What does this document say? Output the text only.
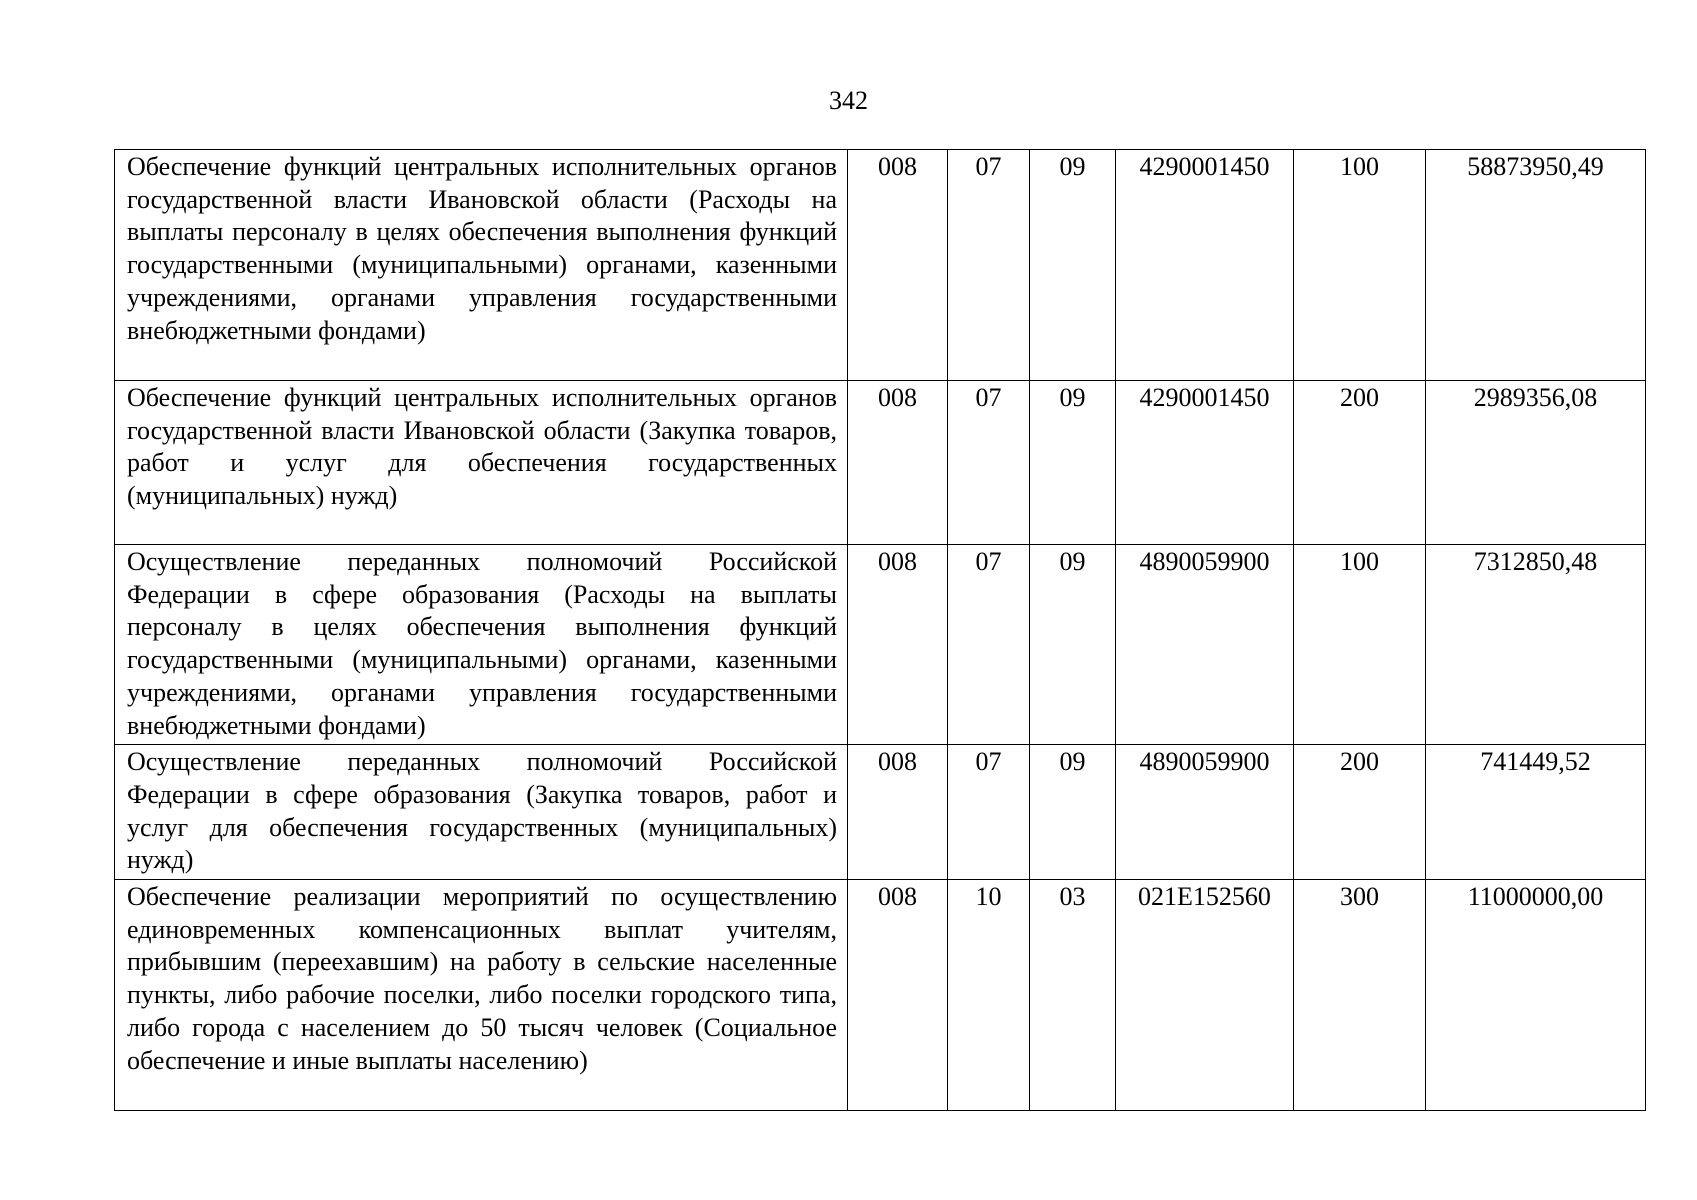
342
Обеспечение функций центральных исполнительных органов государственной власти Ивановской области (Расходы на выплаты персоналу в целях обеспечения выполнения функций государственными (муниципальными) органами, казенными учреждениями, органами управления государственными внебюджетными фондами)	008	07	09	4290001450	100	58873950,49
Обеспечение функций центральных исполнительных органов государственной власти Ивановской области (Закупка товаров, работ и услуг для обеспечения государственных (муниципальных) нужд)	008	07	09	4290001450	200	2989356,08
Осуществление переданных полномочий Российской Федерации в сфере образования (Расходы на выплаты персоналу в целях обеспечения выполнения функций государственными (муниципальными) органами, казенными учреждениями, органами управления государственными внебюджетными фондами)	008	07	09	4890059900	100	7312850,48
Осуществление переданных полномочий Российской Федерации в сфере образования (Закупка товаров, работ и услуг для обеспечения государственных (муниципальных) нужд)	008	07	09	4890059900	200	741449,52
Обеспечение реализации мероприятий по осуществлению единовременных компенсационных выплат учителям, прибывшим (переехавшим) на работу в сельские населенные пункты, либо рабочие поселки, либо поселки городского типа, либо города с населением до 50 тысяч человек (Социальное обеспечение и иные выплаты населению)	008	10	03	021E152560	300	11000000,00
